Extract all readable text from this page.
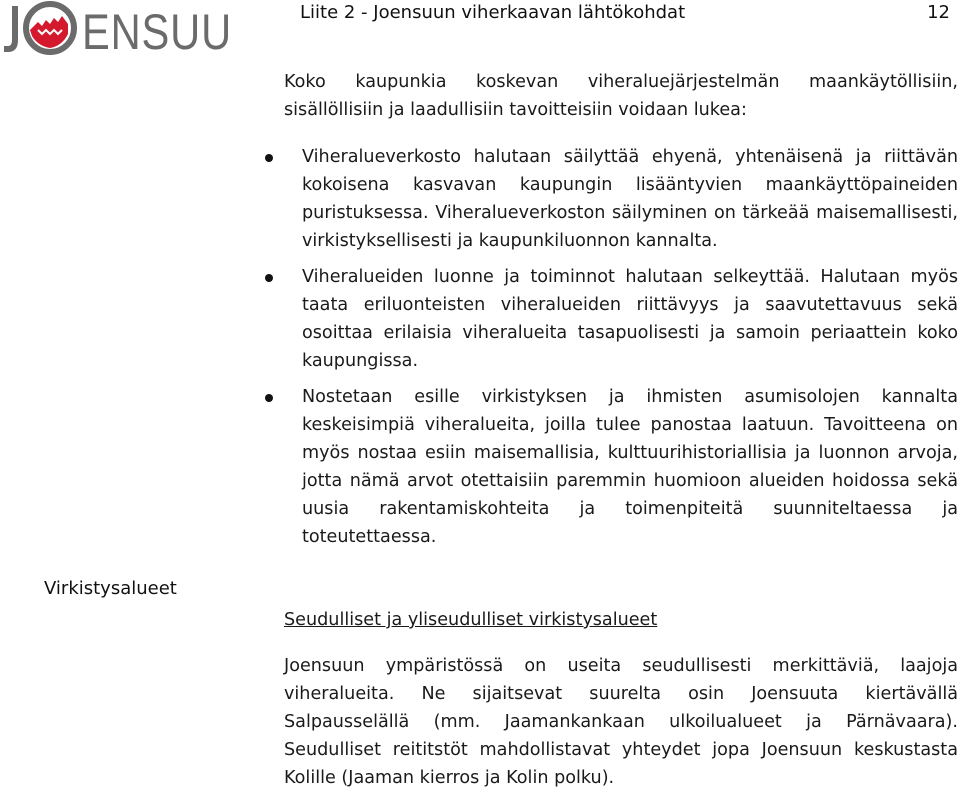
ENSUU	Liite 2 - Joensuun viherkaavan lähtökohdat	12
Koko kaupunkia koskevan viheraluejärjestelmän maankäytöllisiin, sisällöllisiin ja laadullisiin tavoitteisiin voidaan lukea:
Viheralueverkosto halutaan säilyttää ehyenä, yhtenäisenä ja riittävän kokoisena kasvavan kaupungin lisääntyvien maankäyttöpaineiden puristuksessa. Viheralueverkoston säilyminen on tärkeää maisemallisesti, virkistyksellisesti ja kaupunkiluonnon kannalta.
Viheralueiden luonne ja toiminnot halutaan selkeyttää. Halutaan myös taata eriluonteisten viheralueiden riittävyys ja saavutettavuus sekä osoittaa erilaisia viheralueita tasapuolisesti ja samoin periaattein koko kaupungissa.
Nostetaan esille virkistyksen ja ihmisten asumisolojen kannalta keskeisimpiä viheralueita, joilla tulee panostaa laatuun. Tavoitteena on myös nostaa esiin maisemallisia, kulttuurihistoriallisia ja luonnon arvoja, jotta nämä arvot otettaisiin paremmin huomioon alueiden hoidossa sekä uusia rakentamiskohteita ja toimenpiteitä suunniteltaessa ja toteutettaessa.
Virkistysalueet
Seudulliset ja yliseudulliset virkistysalueet
Joensuun ympäristössä on useita seudullisesti merkittäviä, laajoja viheralueita. Ne sijaitsevat suurelta osin Joensuuta kiertävällä Salpausselällä (mm. Jaamankankaan ulkoilualueet ja Pärnävaara). Seudulliset reititstöt mahdollistavat yhteydet jopa Joensuun keskustasta Kolille (Jaaman kierros ja Kolin polku).
